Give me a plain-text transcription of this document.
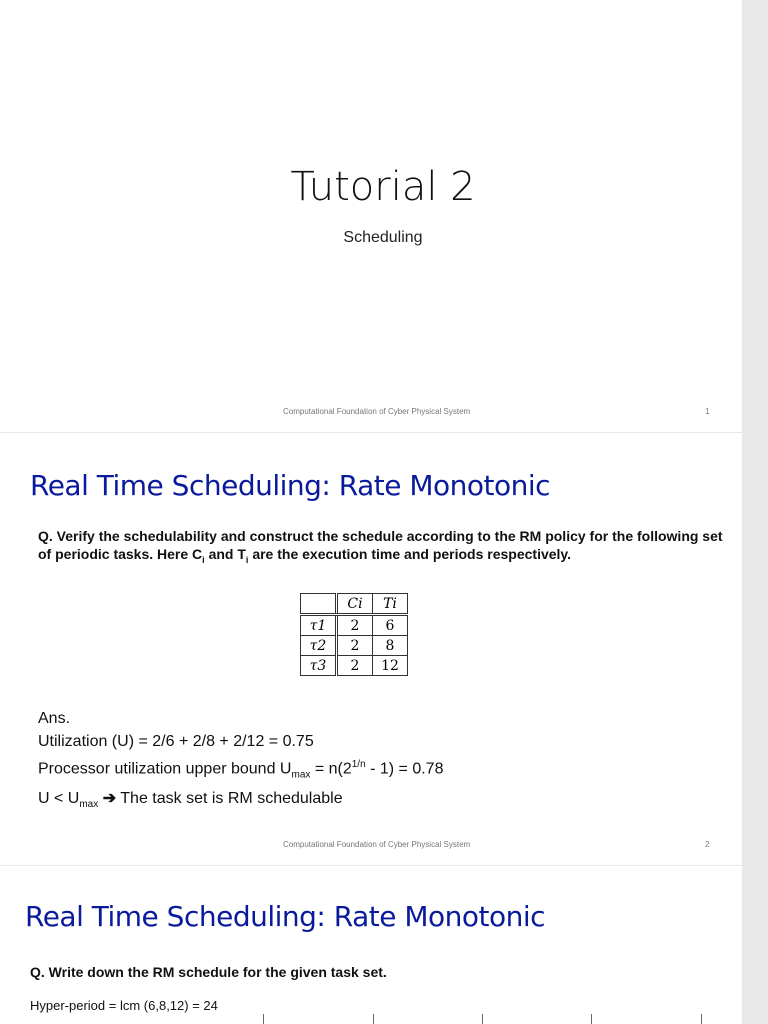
Tutorial 2
Scheduling
Computational Foundation of Cyber Physical System	1
Real Time Scheduling: Rate Monotonic
Q. Verify the schedulability and construct the schedule according to the RM policy for the following set of periodic tasks. Here $C_i$ and $T_i$ are the execution time and periods respectively.
	Ci	Ti
τ1	2	6
τ2	2	8
τ3	2	12
Ans.
Utilization (U) = 2/6 + 2/8 + 2/12 = 0.75
Processor utilization upper bound $U_{max} = n(2^{1/n} - 1) = 0.78$
$U < U_{max}$ ➔ The task set is RM schedulable
Computational Foundation of Cyber Physical System	2
Real Time Scheduling: Rate Monotonic
Q. Write down the RM schedule for the given task set.
Hyper-period = lcm (6,8,12) = 24
